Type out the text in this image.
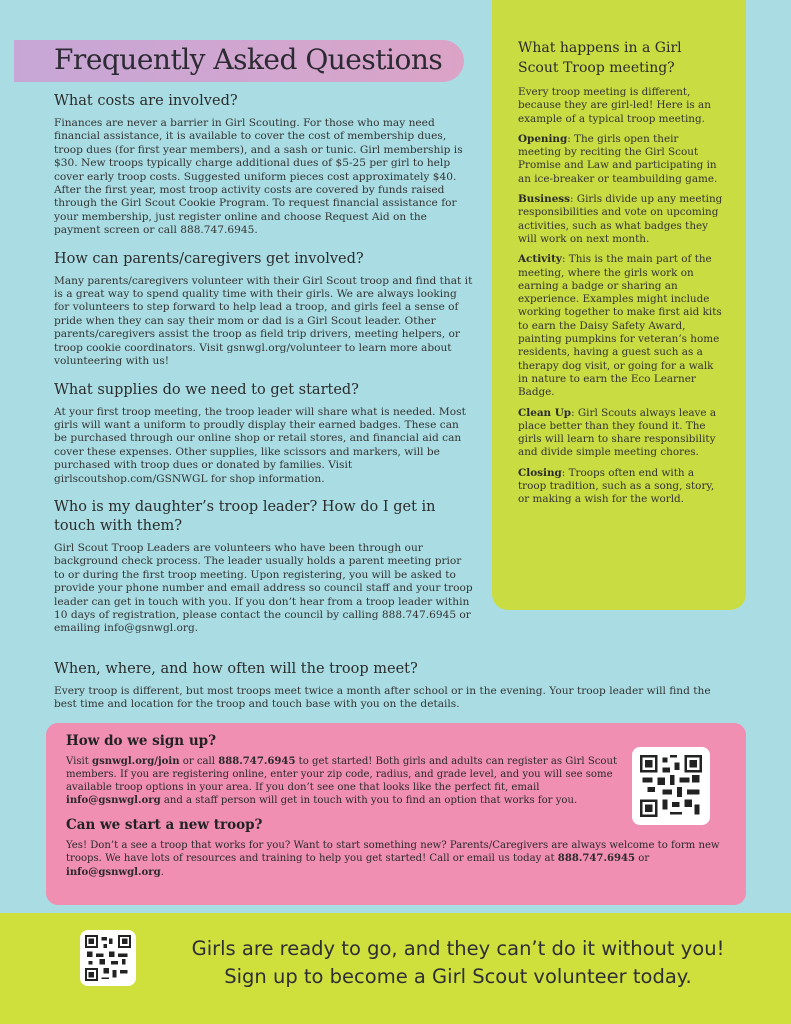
Frequently Asked Questions

What costs are involved?

Finances are never a barrier in Girl Scouting. For those who may need financial assistance, it is available to cover the cost of membership dues, troop dues (for first year members), and a sash or tunic. Girl membership is $30. New troops typically charge additional dues of $5-25 per girl to help cover early troop costs. Suggested uniform pieces cost approximately $40. After the first year, most troop activity costs are covered by funds raised through the Girl Scout Cookie Program. To request financial assistance for your membership, just register online and choose Request Aid on the payment screen or call 888.747.6945.

How can parents/caregivers get involved?

Many parents/caregivers volunteer with their Girl Scout troop and find that it is a great way to spend quality time with their girls. We are always looking for volunteers to step forward to help lead a troop, and girls feel a sense of pride when they can say their mom or dad is a Girl Scout leader. Other parents/caregivers assist the troop as field trip drivers, meeting helpers, or troop cookie coordinators. Visit gsnwgl.org/volunteer to learn more about volunteering with us!

What supplies do we need to get started?

At your first troop meeting, the troop leader will share what is needed. Most girls will want a uniform to proudly display their earned badges. These can be purchased through our online shop or retail stores, and financial aid can cover these expenses. Other supplies, like scissors and markers, will be purchased with troop dues or donated by families. Visit girlscoutshop.com/GSNWGL for shop information.

Who is my daughter’s troop leader? How do I get in touch with them?

Girl Scout Troop Leaders are volunteers who have been through our background check process. The leader usually holds a parent meeting prior to or during the first troop meeting. Upon registering, you will be asked to provide your phone number and email address so council staff and your troop leader can get in touch with you. If you don’t hear from a troop leader within 10 days of registration, please contact the council by calling 888.747.6945 or emailing info@gsnwgl.org.

When, where, and how often will the troop meet?

Every troop is different, but most troops meet twice a month after school or in the evening. Your troop leader will find the best time and location for the troop and touch base with you on the details.

What happens in a Girl Scout Troop meeting?

Every troop meeting is different, because they are girl-led! Here is an example of a typical troop meeting.

Opening: The girls open their meeting by reciting the Girl Scout Promise and Law and participating in an ice-breaker or teambuilding game.

Business: Girls divide up any meeting responsibilities and vote on upcoming activities, such as what badges they will work on next month.

Activity: This is the main part of the meeting, where the girls work on earning a badge or sharing an experience. Examples might include working together to make first aid kits to earn the Daisy Safety Award, painting pumpkins for veteran’s home residents, having a guest such as a therapy dog visit, or going for a walk in nature to earn the Eco Learner Badge.

Clean Up: Girl Scouts always leave a place better than they found it. The girls will learn to share responsibility and divide simple meeting chores.

Closing: Troops often end with a troop tradition, such as a song, story, or making a wish for the world.

How do we sign up?

Visit gsnwgl.org/join or call 888.747.6945 to get started! Both girls and adults can register as Girl Scout members. If you are registering online, enter your zip code, radius, and grade level, and you will see some available troop options in your area. If you don’t see one that looks like the perfect fit, email info@gsnwgl.org and a staff person will get in touch with you to find an option that works for you.

Can we start a new troop?

Yes! Don’t a see a troop that works for you? Want to start something new? Parents/Caregivers are always welcome to form new troops. We have lots of resources and training to help you get started! Call or email us today at 888.747.6945 or info@gsnwgl.org.

Girls are ready to go, and they can’t do it without you!
Sign up to become a Girl Scout volunteer today.
